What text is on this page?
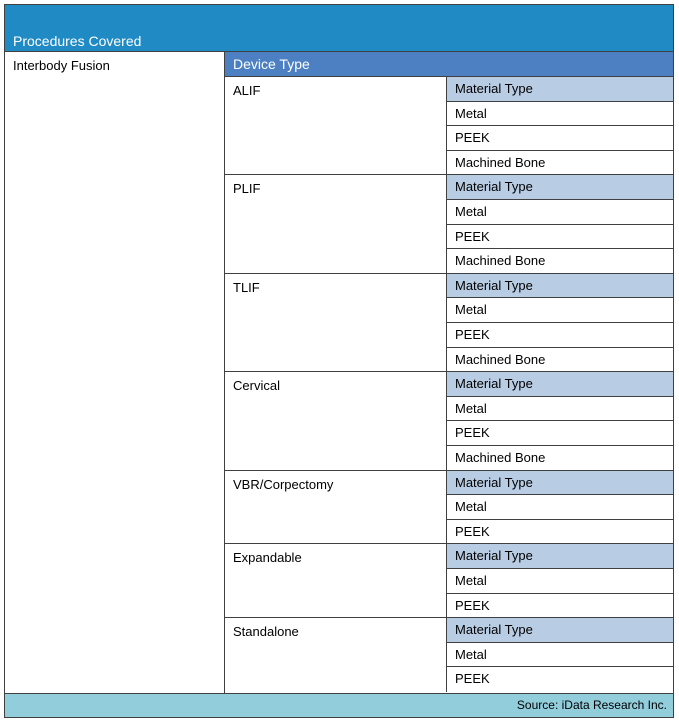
Procedures Covered
Interbody Fusion	Device Type
ALIF	Material Type
Metal
PEEK
Machined Bone
PLIF	Material Type
Metal
PEEK
Machined Bone
TLIF	Material Type
Metal
PEEK
Machined Bone
Cervical	Material Type
Metal
PEEK
Machined Bone
VBR/Corpectomy	Material Type
Metal
PEEK
Expandable	Material Type
Metal
PEEK
Standalone	Material Type
Metal
PEEK
Source: iData Research Inc.
